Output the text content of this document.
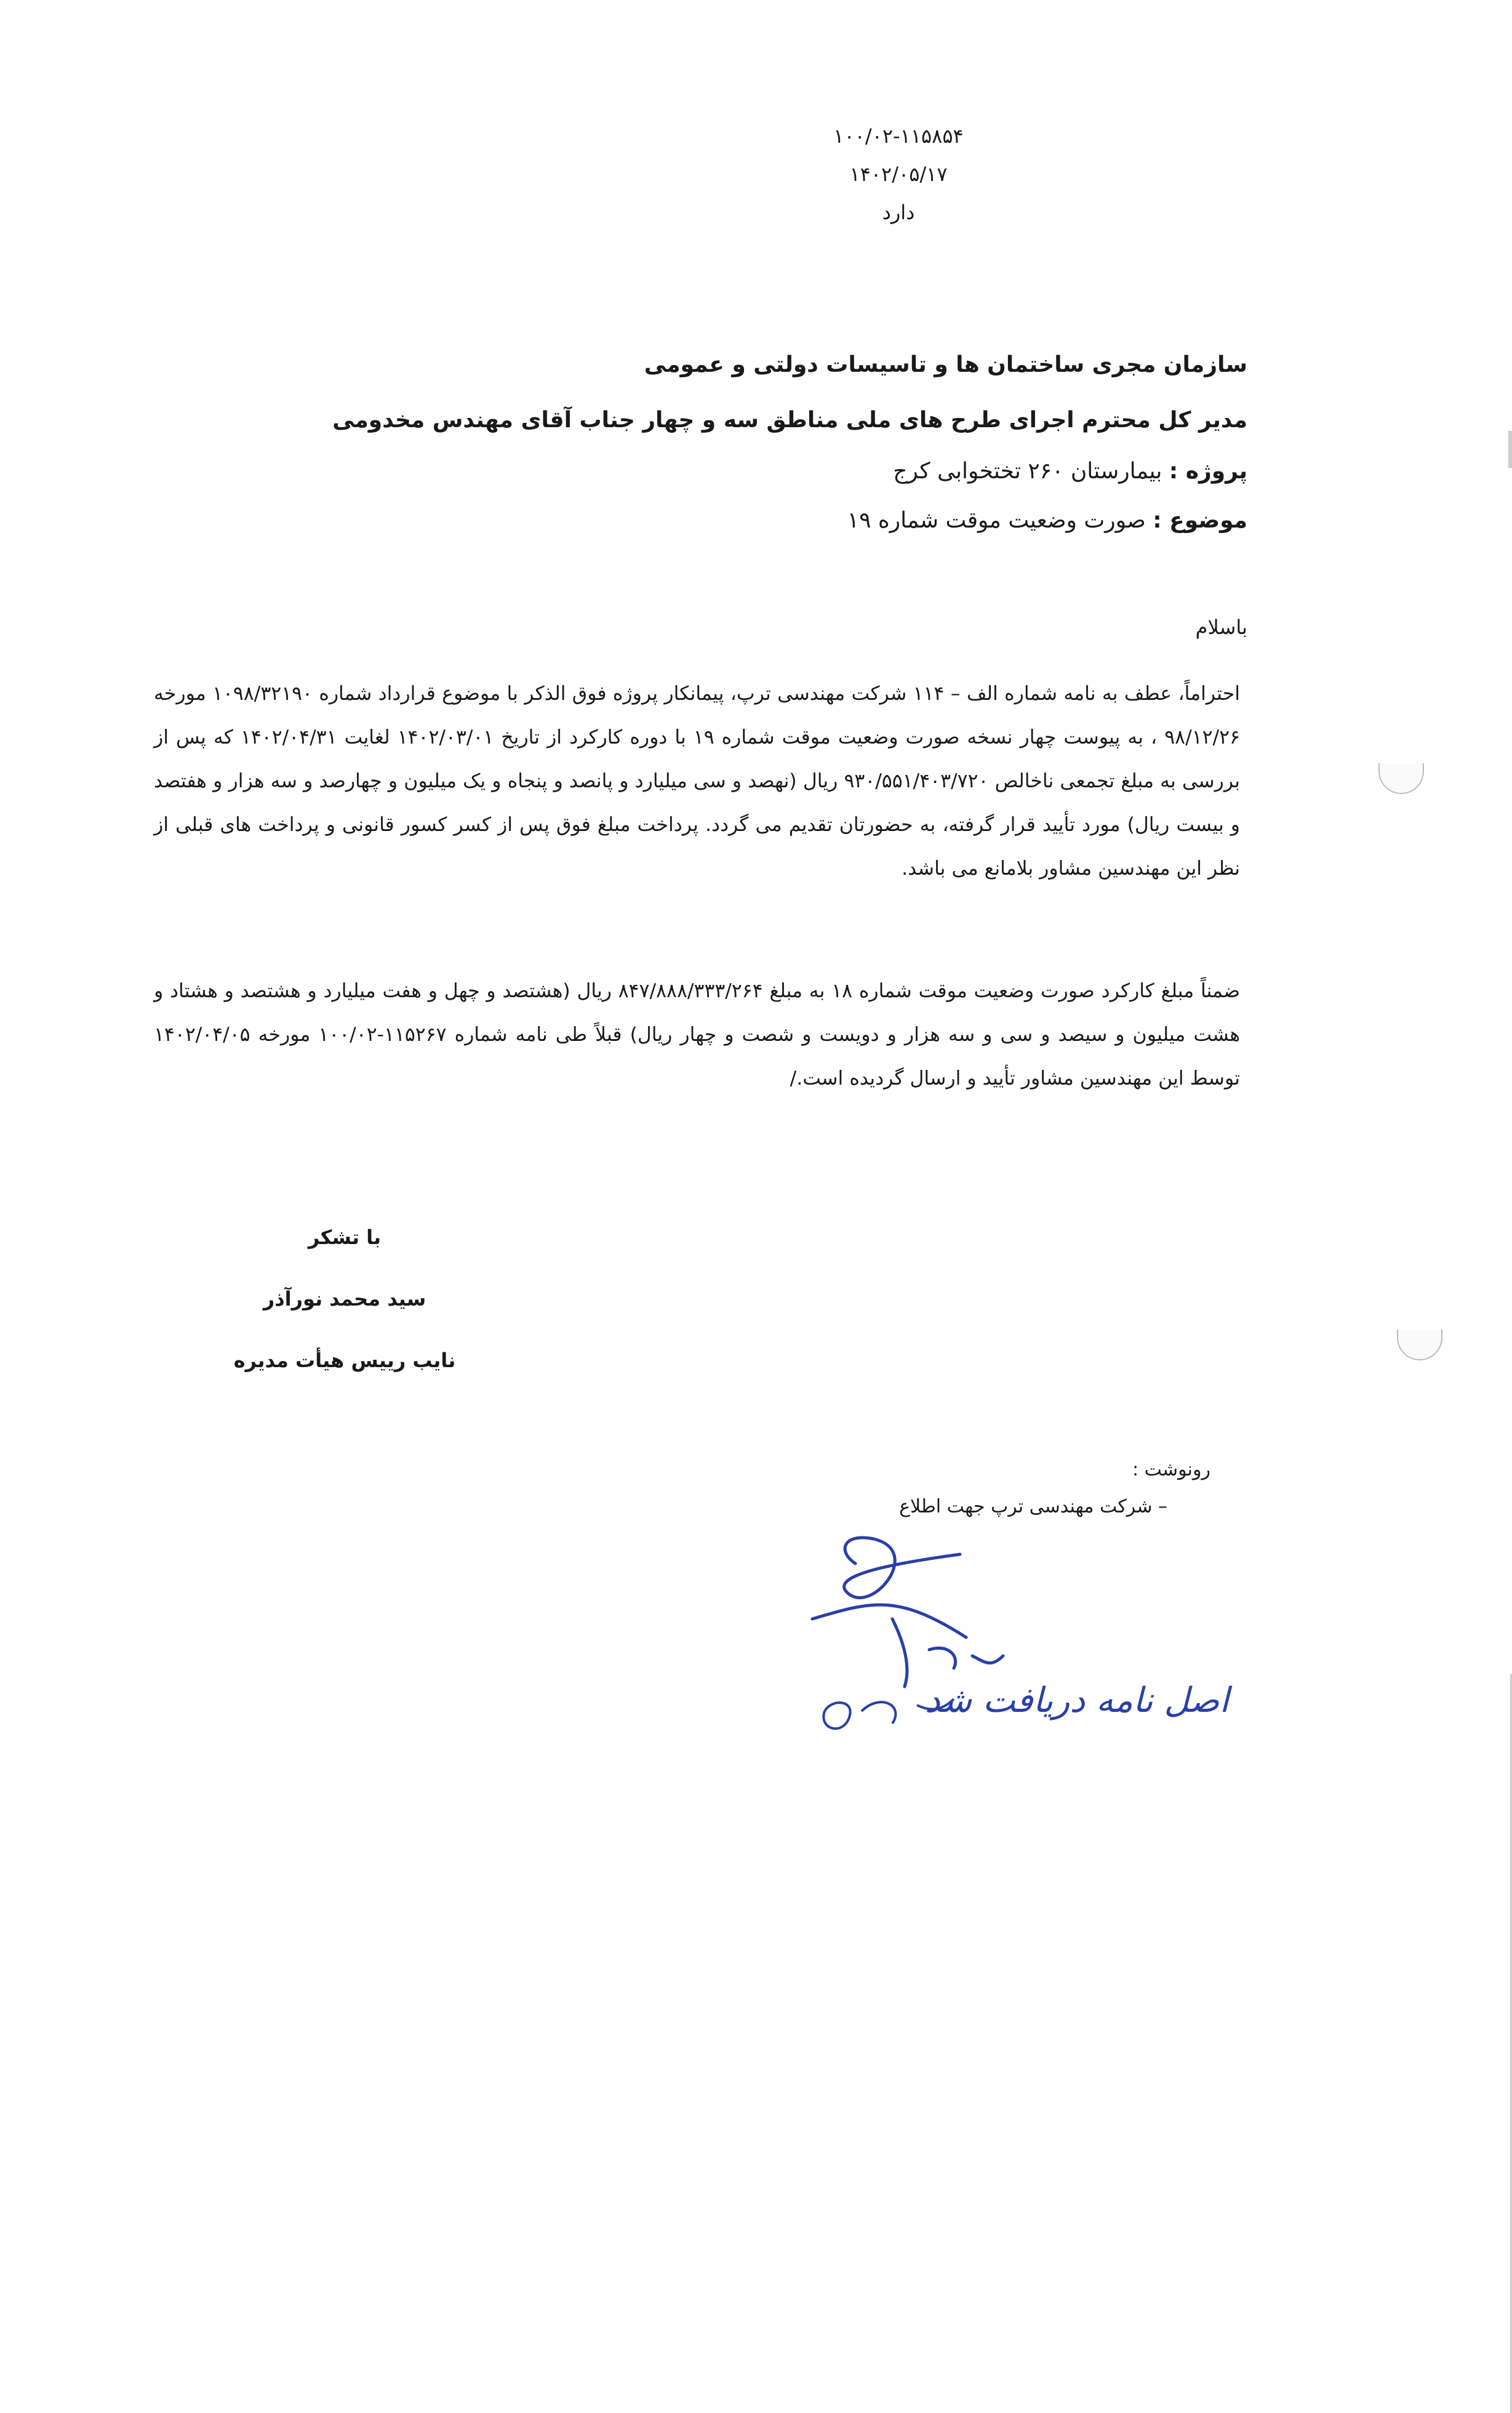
۱۰۰/۰۲-۱۱۵۸۵۴
۱۴۰۲/۰۵/۱۷
دارد
سازمان مجری ساختمان ها و تاسیسات دولتی و عمومی
مدیر کل محترم اجرای طرح های ملی مناطق سه و چهار جناب آقای مهندس مخدومی
پروژه : بیمارستان ۲۶۰ تختخوابی کرج
موضوع : صورت وضعیت موقت شماره ۱۹
باسلام
احتراماً، عطف به نامه شماره الف – ۱۱۴ شرکت مهندسی ترپ، پیمانکار پروژه فوق الذکر با موضوع قرارداد شماره ۱۰۹۸/۳۲۱۹۰ مورخه ۹۸/۱۲/۲۶ ، به پیوست چهار نسخه صورت وضعیت موقت شماره ۱۹ با دوره کارکرد از تاریخ ۱۴۰۲/۰۳/۰۱ لغایت ۱۴۰۲/۰۴/۳۱ که پس از بررسی به مبلغ تجمعی ناخالص ۹۳۰/۵۵۱/۴۰۳/۷۲۰ ریال (نهصد و سی میلیارد و پانصد و پنجاه و یک میلیون و چهارصد و سه هزار و هفتصد و بیست ریال) مورد تأیید قرار گرفته، به حضورتان تقدیم می گردد. پرداخت مبلغ فوق پس از کسر کسور قانونی و پرداخت های قبلی از نظر این مهندسین مشاور بلامانع می باشد.
ضمناً مبلغ کارکرد صورت وضعیت موقت شماره ۱۸ به مبلغ ۸۴۷/۸۸۸/۳۳۳/۲۶۴ ریال (هشتصد و چهل و هفت میلیارد و هشتصد و هشتاد و هشت میلیون و سیصد و سی و سه هزار و دویست و شصت و چهار ریال) قبلاً طی نامه شماره ۱۱۵۲۶۷-۱۰۰/۰۲ مورخه ۱۴۰۲/۰۴/۰۵ توسط این مهندسین مشاور تأیید و ارسال گردیده است./
با تشکر
سید محمد نورآذر
نایب رییس هیأت مدیره
رونوشت :
– شرکت مهندسی ترپ جهت اطلاع
اصل نامه دریافت شد
